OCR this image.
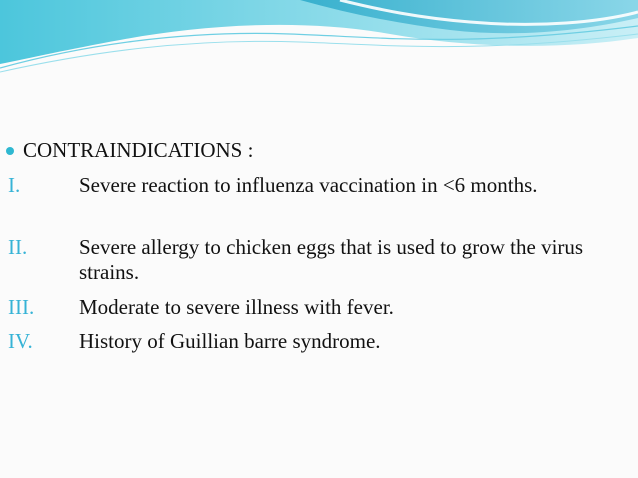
CONTRAINDICATIONS :
I.	Severe reaction to influenza vaccination in <6 months.
II. Severe allergy to chicken eggs that is used to grow the virus strains.
III. Moderate to severe illness with fever.
IV. History of Guillian barre syndrome.
